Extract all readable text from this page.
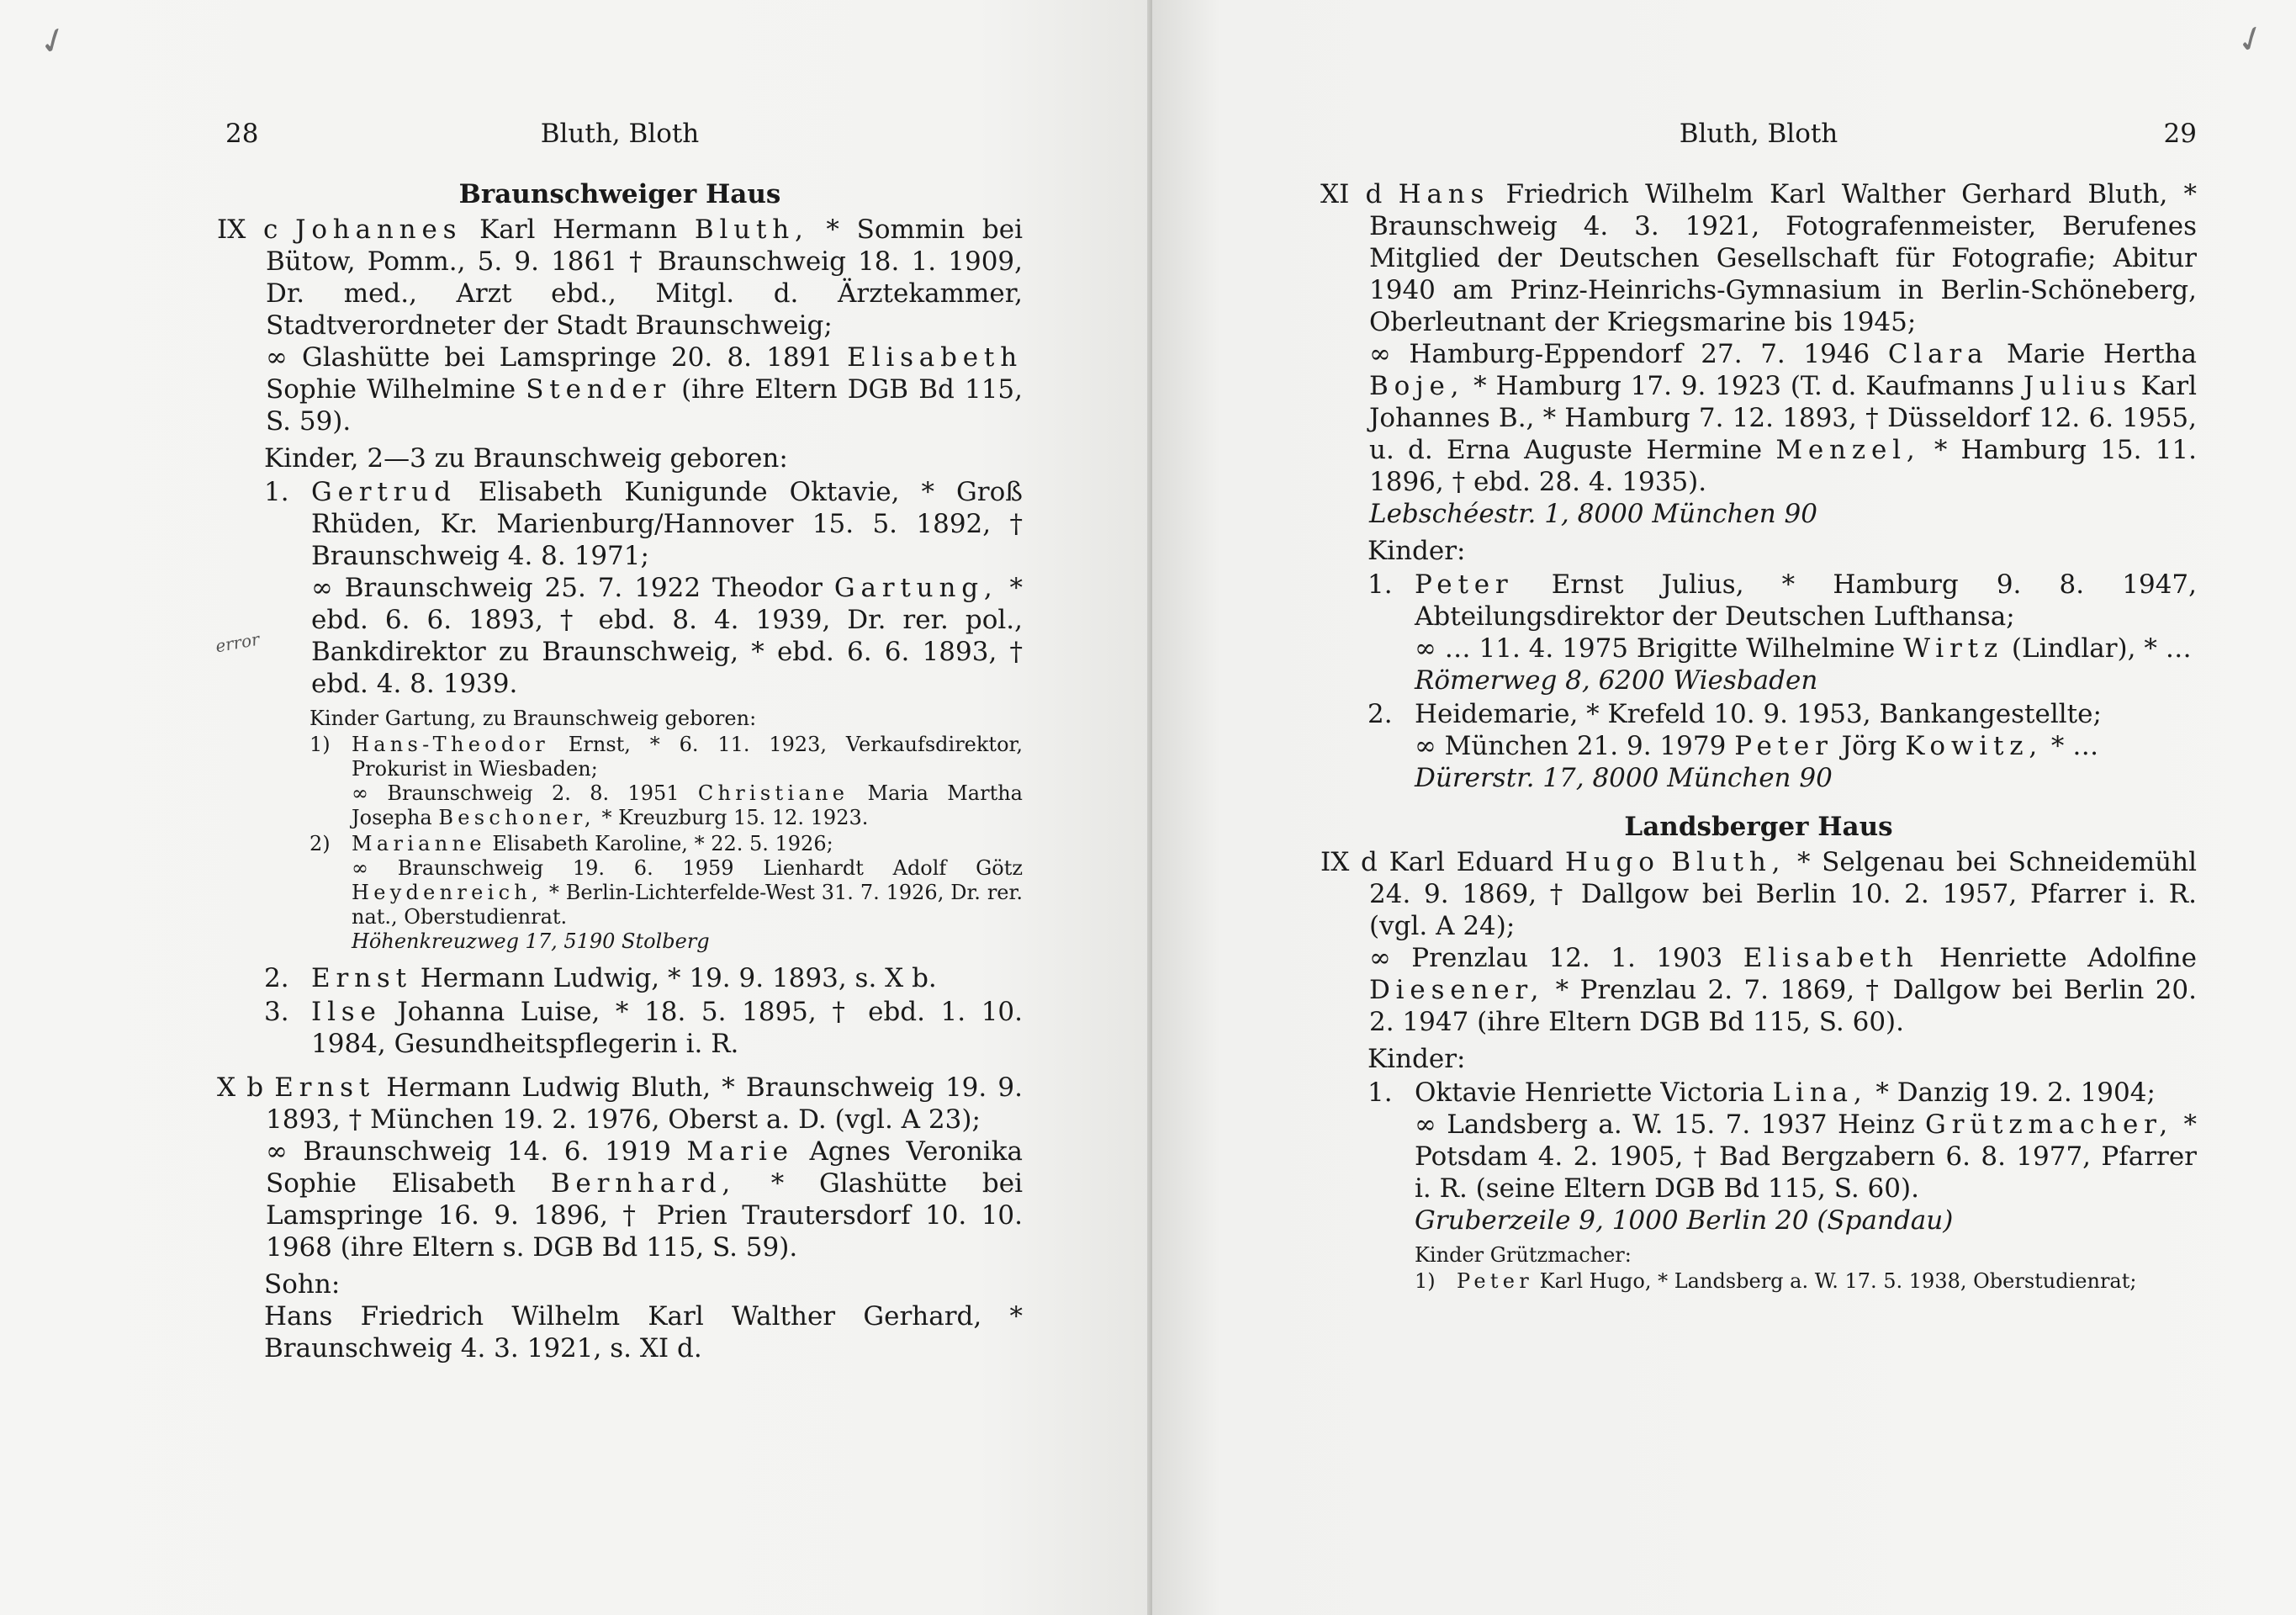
✓
error
28	Bluth, Bloth
Braunschweiger Haus
IX c Johannes Karl Hermann Bluth, * Sommin bei Bütow, Pomm., 5. 9. 1861 † Braunschweig 18. 1. 1909, Dr. med., Arzt ebd., Mitgl. d. Ärztekammer, Stadtverordneter der Stadt Braunschweig;
∞ Glashütte bei Lamspringe 20. 8. 1891 Elisabeth Sophie Wilhelmine Stender (ihre Eltern DGB Bd 115, S. 59).
Kinder, 2—3 zu Braunschweig geboren:
1. Gertrud Elisabeth Kunigunde Oktavie, * Groß Rhüden, Kr. Marienburg/Hannover 15. 5. 1892, † Braunschweig 4. 8. 1971;
∞ Braunschweig 25. 7. 1922 Theodor Gartung, * ebd. 6. 6. 1893, † ebd. 8. 4. 1939, Dr. rer. pol., Bankdirektor zu Braunschweig, * ebd. 6. 6. 1893, † ebd. 4. 8. 1939.
Kinder Gartung, zu Braunschweig geboren:
1)	Hans-Theodor Ernst, * 6. 11. 1923, Verkaufsdirektor, Prokurist in Wiesbaden;
∞ Braunschweig 2. 8. 1951 Christiane Maria Martha Josepha Beschoner, * Kreuzburg 15. 12. 1923.
2)	Marianne Elisabeth Karoline, * 22. 5. 1926;
∞ Braunschweig 19. 6. 1959 Lienhardt Adolf Götz Heydenreich, * Berlin-Lichterfelde-West 31. 7. 1926, Dr. rer. nat., Oberstudienrat.
Höhenkreuzweg 17, 5190 Stolberg
2. Ernst Hermann Ludwig, * 19. 9. 1893, s. X b.
3. Ilse Johanna Luise, * 18. 5. 1895, † ebd. 1. 10. 1984, Gesundheitspflegerin i. R.
X b Ernst Hermann Ludwig Bluth, * Braunschweig 19. 9. 1893, † München 19. 2. 1976, Oberst a. D. (vgl. A 23);
∞ Braunschweig 14. 6. 1919 Marie Agnes Veronika Sophie Elisabeth Bernhard, * Glashütte bei Lamspringe 16. 9. 1896, † Prien Trautersdorf 10. 10. 1968 (ihre Eltern s. DGB Bd 115, S. 59).
Sohn:
Hans Friedrich Wilhelm Karl Walther Gerhard, * Braunschweig 4. 3. 1921, s. XI d.
✓
Bluth, Bloth	29
XI d Hans Friedrich Wilhelm Karl Walther Gerhard Bluth, * Braunschweig 4. 3. 1921, Fotografenmeister, Berufenes Mitglied der Deutschen Gesellschaft für Fotografie; Abitur 1940 am Prinz-Heinrichs-Gymnasium in Berlin-Schöneberg, Oberleutnant der Kriegsmarine bis 1945;
∞ Hamburg-Eppendorf 27. 7. 1946 Clara Marie Hertha Boje, * Hamburg 17. 9. 1923 (T. d. Kaufmanns Julius Karl Johannes B., * Hamburg 7. 12. 1893, † Düsseldorf 12. 6. 1955, u. d. Erna Auguste Hermine Menzel, * Hamburg 15. 11. 1896, † ebd. 28. 4. 1935).
Lebschéestr. 1, 8000 München 90
Kinder:
1. Peter Ernst Julius, * Hamburg 9. 8. 1947, Abteilungsdirektor der Deutschen Lufthansa;
∞ … 11. 4. 1975 Brigitte Wilhelmine Wirtz (Lindlar), * …
Römerweg 8, 6200 Wiesbaden
2. Heidemarie, * Krefeld 10. 9. 1953, Bankangestellte;
∞ München 21. 9. 1979 Peter Jörg Kowitz, * …
Dürerstr. 17, 8000 München 90
Landsberger Haus
IX d Karl Eduard Hugo Bluth, * Selgenau bei Schneidemühl 24. 9. 1869, † Dallgow bei Berlin 10. 2. 1957, Pfarrer i. R. (vgl. A 24);
∞ Prenzlau 12. 1. 1903 Elisabeth Henriette Adolfine Diesener, * Prenzlau 2. 7. 1869, † Dallgow bei Berlin 20. 2. 1947 (ihre Eltern DGB Bd 115, S. 60).
Kinder:
1. Oktavie Henriette Victoria Lina, * Danzig 19. 2. 1904;
∞ Landsberg a. W. 15. 7. 1937 Heinz Grützmacher, * Potsdam 4. 2. 1905, † Bad Bergzabern 6. 8. 1977, Pfarrer i. R. (seine Eltern DGB Bd 115, S. 60).
Gruberzeile 9, 1000 Berlin 20 (Spandau)
Kinder Grützmacher:
1)	Peter Karl Hugo, * Landsberg a. W. 17. 5. 1938, Oberstudienrat;
